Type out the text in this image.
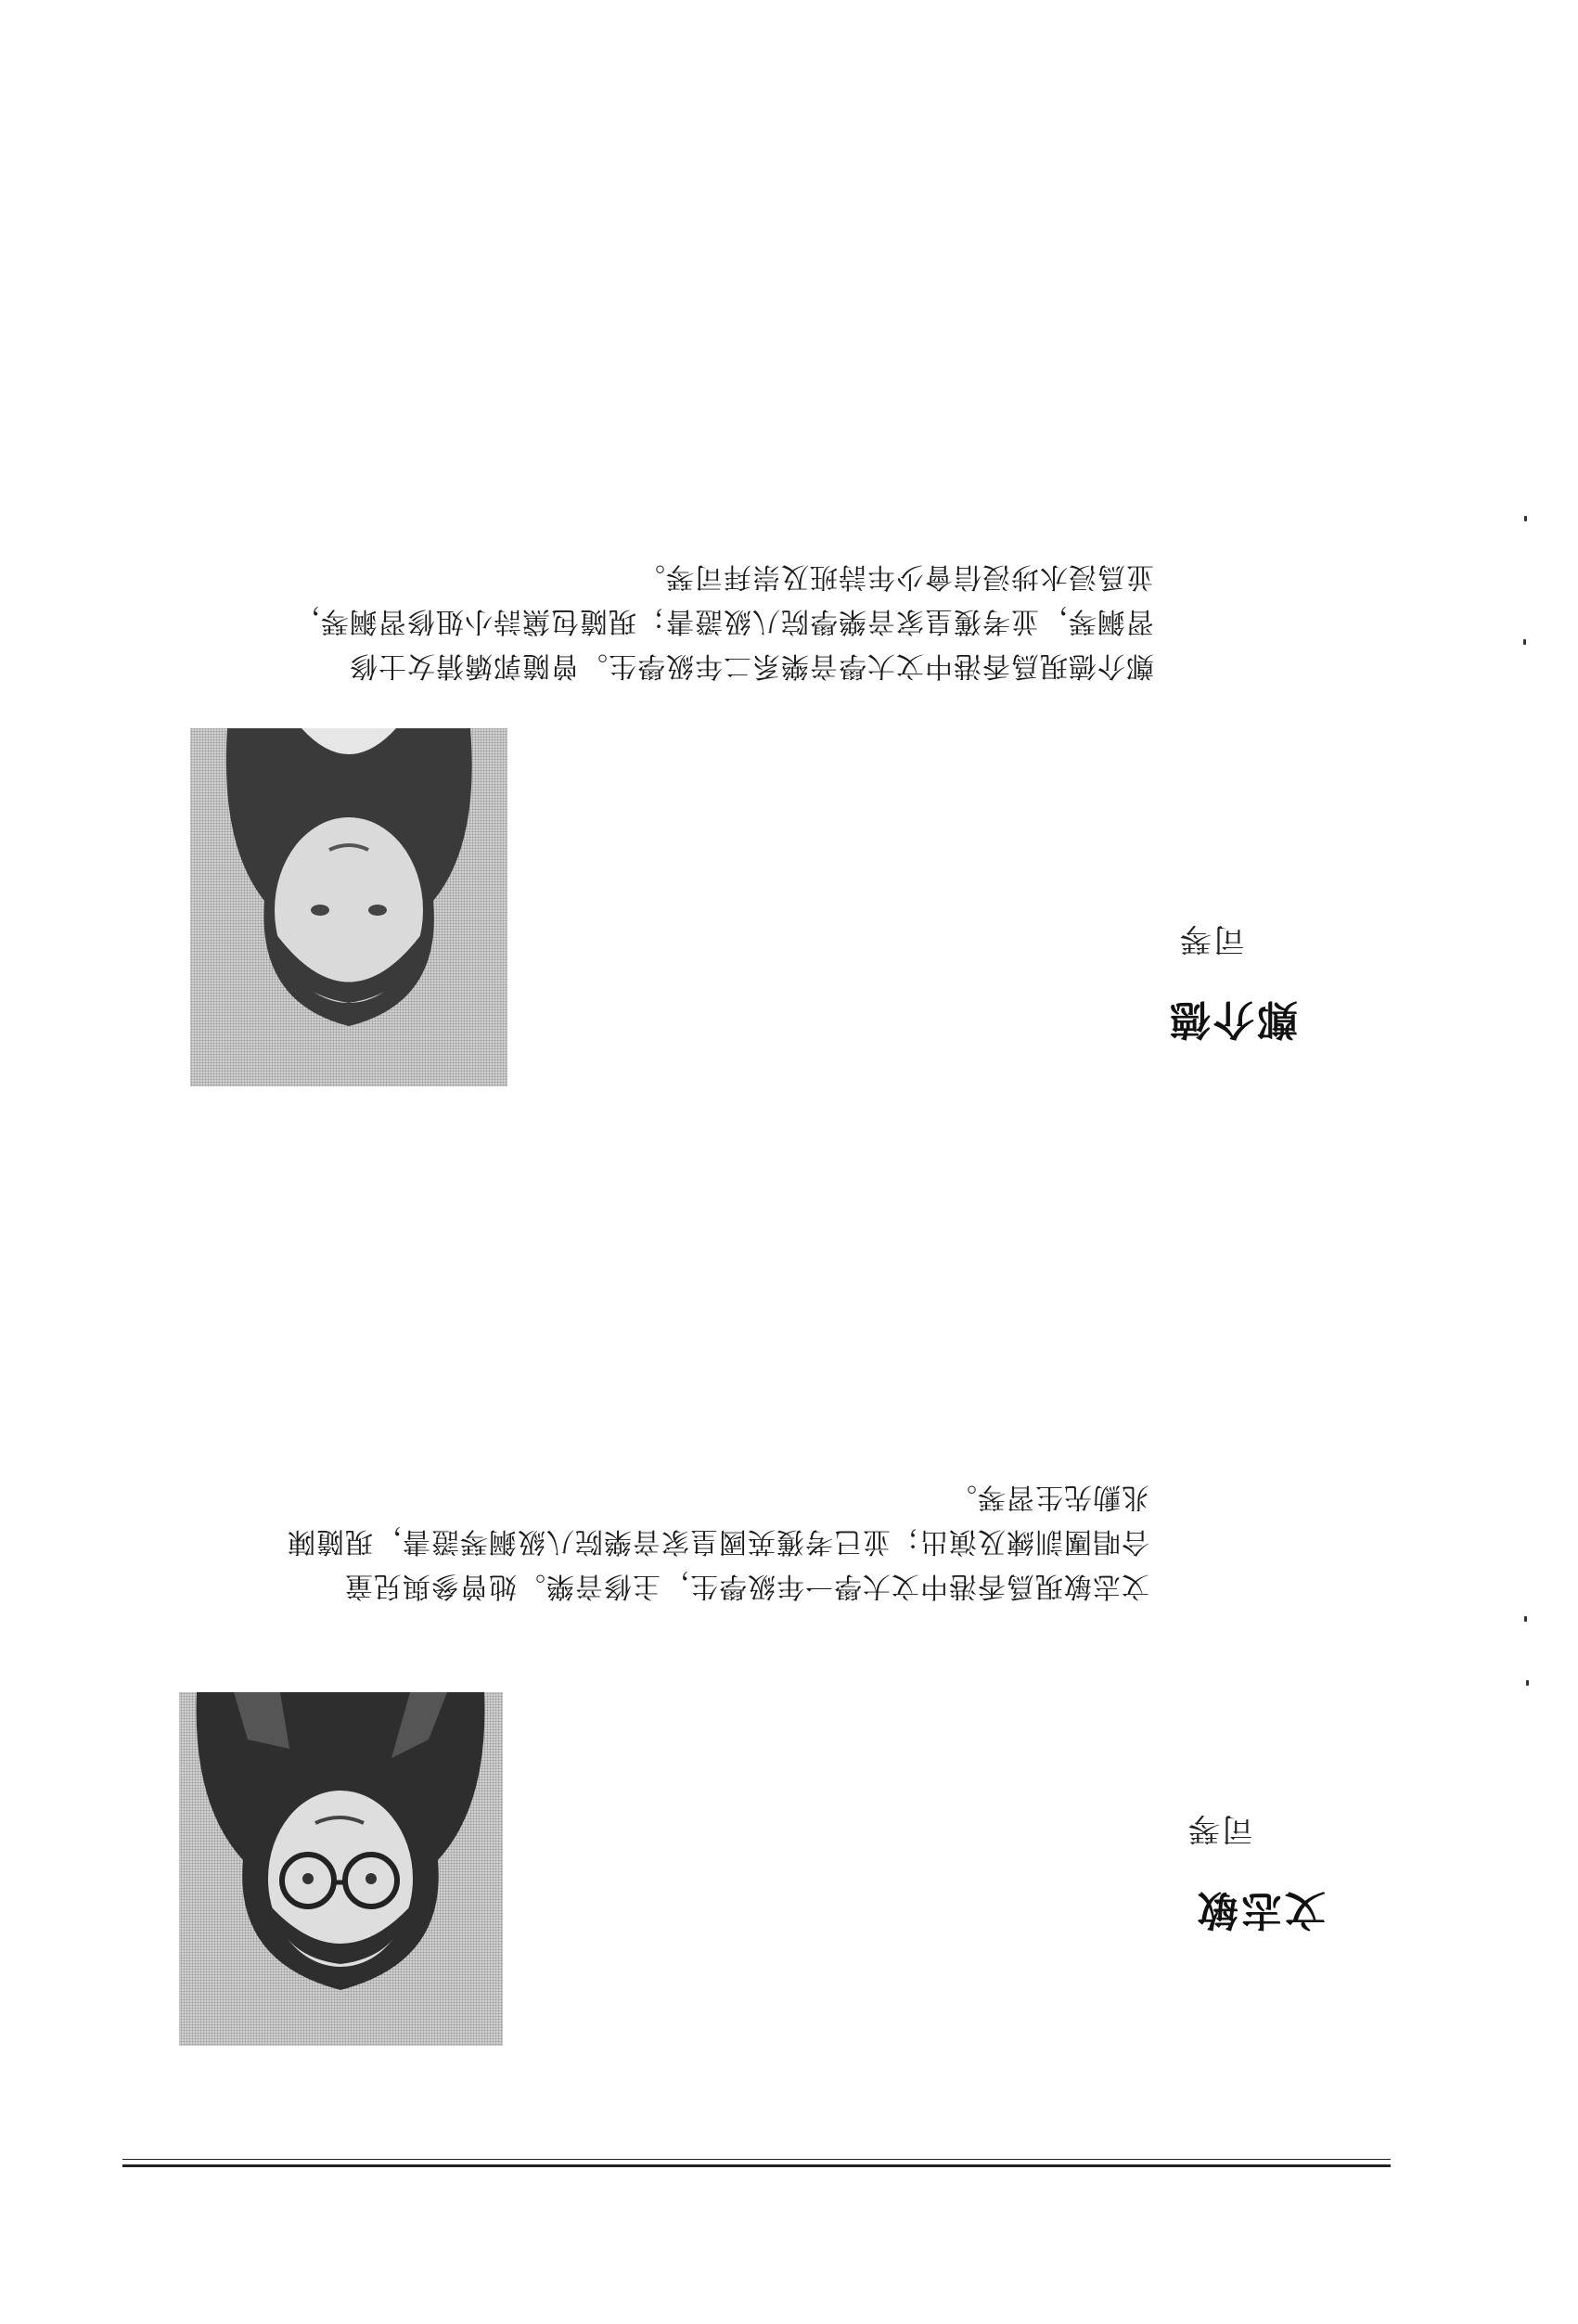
文志敏
司琴
文志敏現爲香港中文大學一年級學生，主修音樂。她曾參與兒童
合唱團訓練及演出；並已考獲英國皇家音樂院八級鋼琴證書，現隨陳
兆勳先生習琴。
鄭介德
司琴
鄭介德現爲香港中文大學音樂系二年級學生。曾隨郭嬌猜女士修
習鋼琴，並考獲皇家音樂學院八級證書；現隨包黛詩小姐修習鋼琴，
並爲浸水埗浸信會少年詩班及崇拜司琴。
